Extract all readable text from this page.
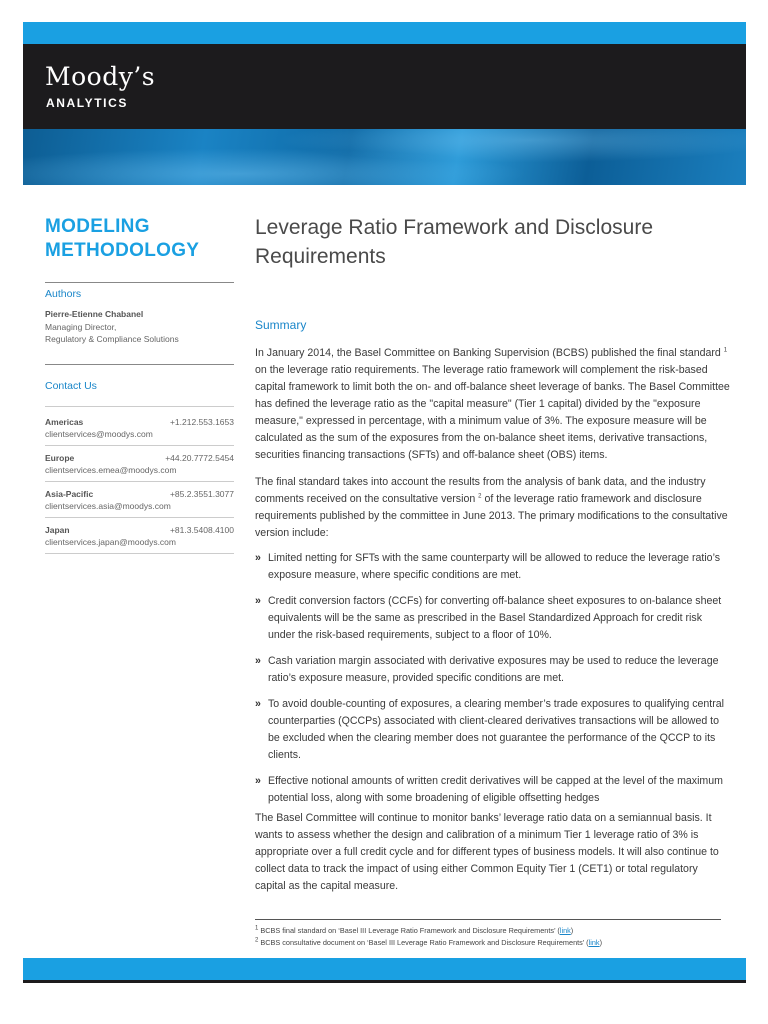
Moody’s
ANALYTICS
MODELING
METHODOLOGY
Authors
Pierre-Etienne Chabanel
Managing Director,
Regulatory & Compliance Solutions
Contact Us
Americas	+1.212.553.1653
clientservices@moodys.com
Europe	+44.20.7772.5454
clientservices.emea@moodys.com
Asia-Pacific	+85.2.3551.3077
clientservices.asia@moodys.com
Japan	+81.3.5408.4100
clientservices.japan@moodys.com
Leverage Ratio Framework and Disclosure
Requirements
Summary

In January 2014, the Basel Committee on Banking Supervision (BCBS) published the final standard $^1$ on the leverage ratio requirements. The leverage ratio framework will complement the risk-based capital framework to limit both the on- and off-balance sheet leverage of banks. The Basel Committee has defined the leverage ratio as the "capital measure" (Tier 1 capital) divided by the "exposure measure," expressed in percentage, with a minimum value of 3%. The exposure measure will be calculated as the sum of the exposures from the on-balance sheet items, derivative transactions, securities financing transactions (SFTs) and off-balance sheet (OBS) items.

The final standard takes into account the results from the analysis of bank data, and the industry comments received on the consultative version $^2$ of the leverage ratio framework and disclosure requirements published by the committee in June 2013. The primary modifications to the consultative version include:

» Limited netting for SFTs with the same counterparty will be allowed to reduce the leverage ratio’s exposure measure, where specific conditions are met.
» Credit conversion factors (CCFs) for converting off-balance sheet exposures to on-balance sheet equivalents will be the same as prescribed in the Basel Standardized Approach for credit risk under the risk-based requirements, subject to a floor of 10%.
» Cash variation margin associated with derivative exposures may be used to reduce the leverage ratio’s exposure measure, provided specific conditions are met.
» To avoid double-counting of exposures, a clearing member’s trade exposures to qualifying central counterparties (QCCPs) associated with client-cleared derivatives transactions will be allowed to be excluded when the clearing member does not guarantee the performance of the QCCP to its clients.
» Effective notional amounts of written credit derivatives will be capped at the level of the maximum potential loss, along with some broadening of eligible offsetting hedges

The Basel Committee will continue to monitor banks’ leverage ratio data on a semiannual basis. It wants to assess whether the design and calibration of a minimum Tier 1 leverage ratio of 3% is appropriate over a full credit cycle and for different types of business models. It will also continue to collect data to track the impact of using either Common Equity Tier 1 (CET1) or total regulatory capital as the capital measure.

$^1$ BCBS final standard on ‘Basel III Leverage Ratio Framework and Disclosure Requirements’ (link)
$^2$ BCBS consultative document on ‘Basel III Leverage Ratio Framework and Disclosure Requirements’ (link)
